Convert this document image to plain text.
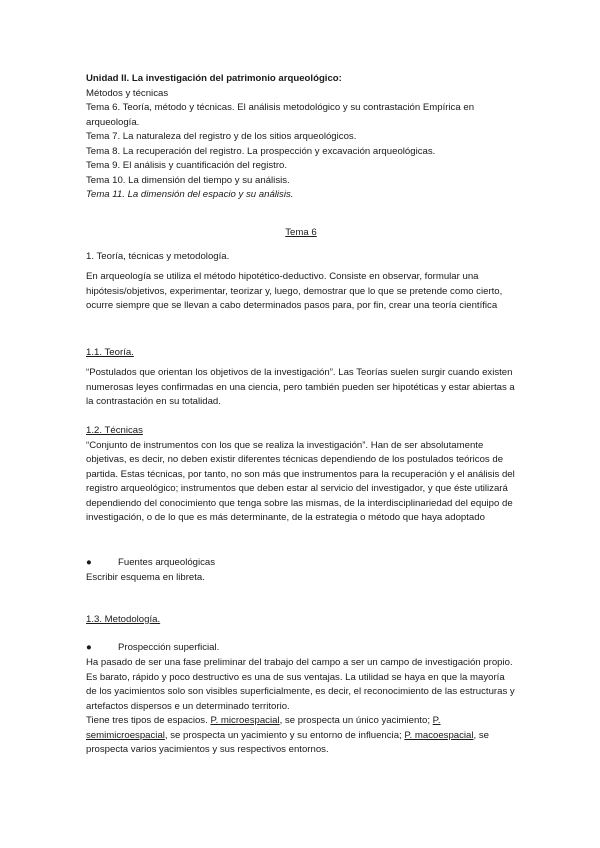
Unidad II. La investigación del patrimonio arqueológico:

Métodos y técnicas

Tema 6. Teoría, método y técnicas. El análisis metodológico y su contrastación Empírica en arqueología.

Tema 7. La naturaleza del registro y de los sitios arqueológicos.

Tema 8. La recuperación del registro. La prospección y excavación arqueológicas.

Tema 9. El análisis y cuantificación del registro.

Tema 10. La dimensión del tiempo y su análisis.

Tema 11. La dimensión del espacio y su análisis.

Tema 6

1. Teoría, técnicas y metodología.

En arqueología se utiliza el método hipotético-deductivo. Consiste en observar, formular una hipótesis/objetivos, experimentar, teorizar y, luego, demostrar que lo que se pretende como cierto, ocurre siempre que se llevan a cabo determinados pasos para, por fin, crear una teoría científica

1.1. Teoría.

“Postulados que orientan los objetivos de la investigación”. Las Teorías suelen surgir cuando existen numerosas leyes confirmadas en una ciencia, pero también pueden ser hipotéticas y estar abiertas a la contrastación en su totalidad.

1.2. Técnicas

“Conjunto de instrumentos con los que se realiza la investigación”. Han de ser absolutamente objetivas, es decir, no deben existir diferentes técnicas dependiendo de los postulados teóricos de partida. Estas técnicas, por tanto, no son más que instrumentos para la recuperación y el análisis del registro arqueológico; instrumentos que deben estar al servicio del investigador, y que éste utilizará dependiendo del conocimiento que tenga sobre las mismas, de la interdisciplinariedad del equipo de investigación, o de lo que es más determinante, de la estrategia o método que haya adoptado

●	Fuentes arqueológicas

Escribir esquema en libreta.

1.3. Metodología.

●	Prospección superficial.

Ha pasado de ser una fase preliminar del trabajo del campo a ser un campo de investigación propio. Es barato, rápido y poco destructivo es una de sus ventajas. La utilidad se haya en que la mayoría de los yacimientos solo son visibles superficialmente, es decir, el reconocimiento de las estructuras y artefactos dispersos e un determinado territorio.

Tiene tres tipos de espacios. P. microespacial, se prospecta un único yacimiento; P. semimicroespacial, se prospecta un yacimiento y su entorno de influencia; P. macoespacial, se prospecta varios yacimientos y sus respectivos entornos.
